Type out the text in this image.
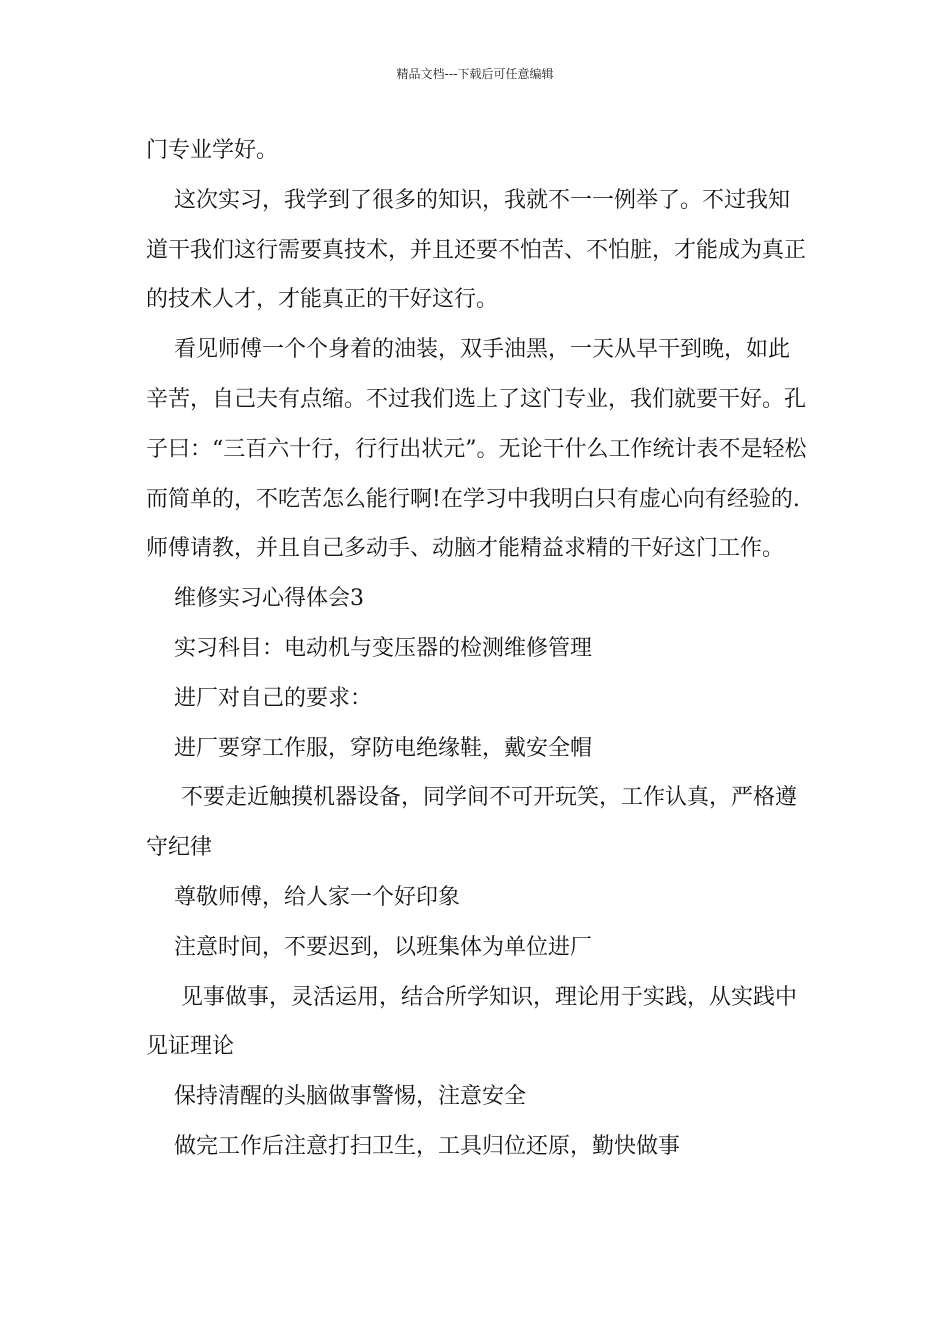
精品文档---下载后可任意编辑

门专业学好。

这次实习，我学到了很多的知识，我就不一一例举了。不过我知道干我们这行需要真技术，并且还要不怕苦、不怕脏，才能成为真正的技术人才，才能真正的干好这行。

看见师傅一个个身着的油装，双手油黑，一天从早干到晚，如此辛苦，自己夫有点缩。不过我们选上了这门专业，我们就要干好。孔子曰：“三百六十行，行行出状元”。无论干什么工作统计表不是轻松而简单的，不吃苦怎么能行啊!在学习中我明白只有虚心向有经验的.师傅请教，并且自己多动手、动脑才能精益求精的干好这门工作。

维修实习心得体会3

实习科目：电动机与变压器的检测维修管理

进厂对自己的要求：

进厂要穿工作服，穿防电绝缘鞋，戴安全帽

不要走近触摸机器设备，同学间不可开玩笑，工作认真，严格遵守纪律

尊敬师傅，给人家一个好印象

注意时间，不要迟到，以班集体为单位进厂

见事做事，灵活运用，结合所学知识，理论用于实践，从实践中见证理论

保持清醒的头脑做事警惕，注意安全

做完工作后注意打扫卫生，工具归位还原，勤快做事
